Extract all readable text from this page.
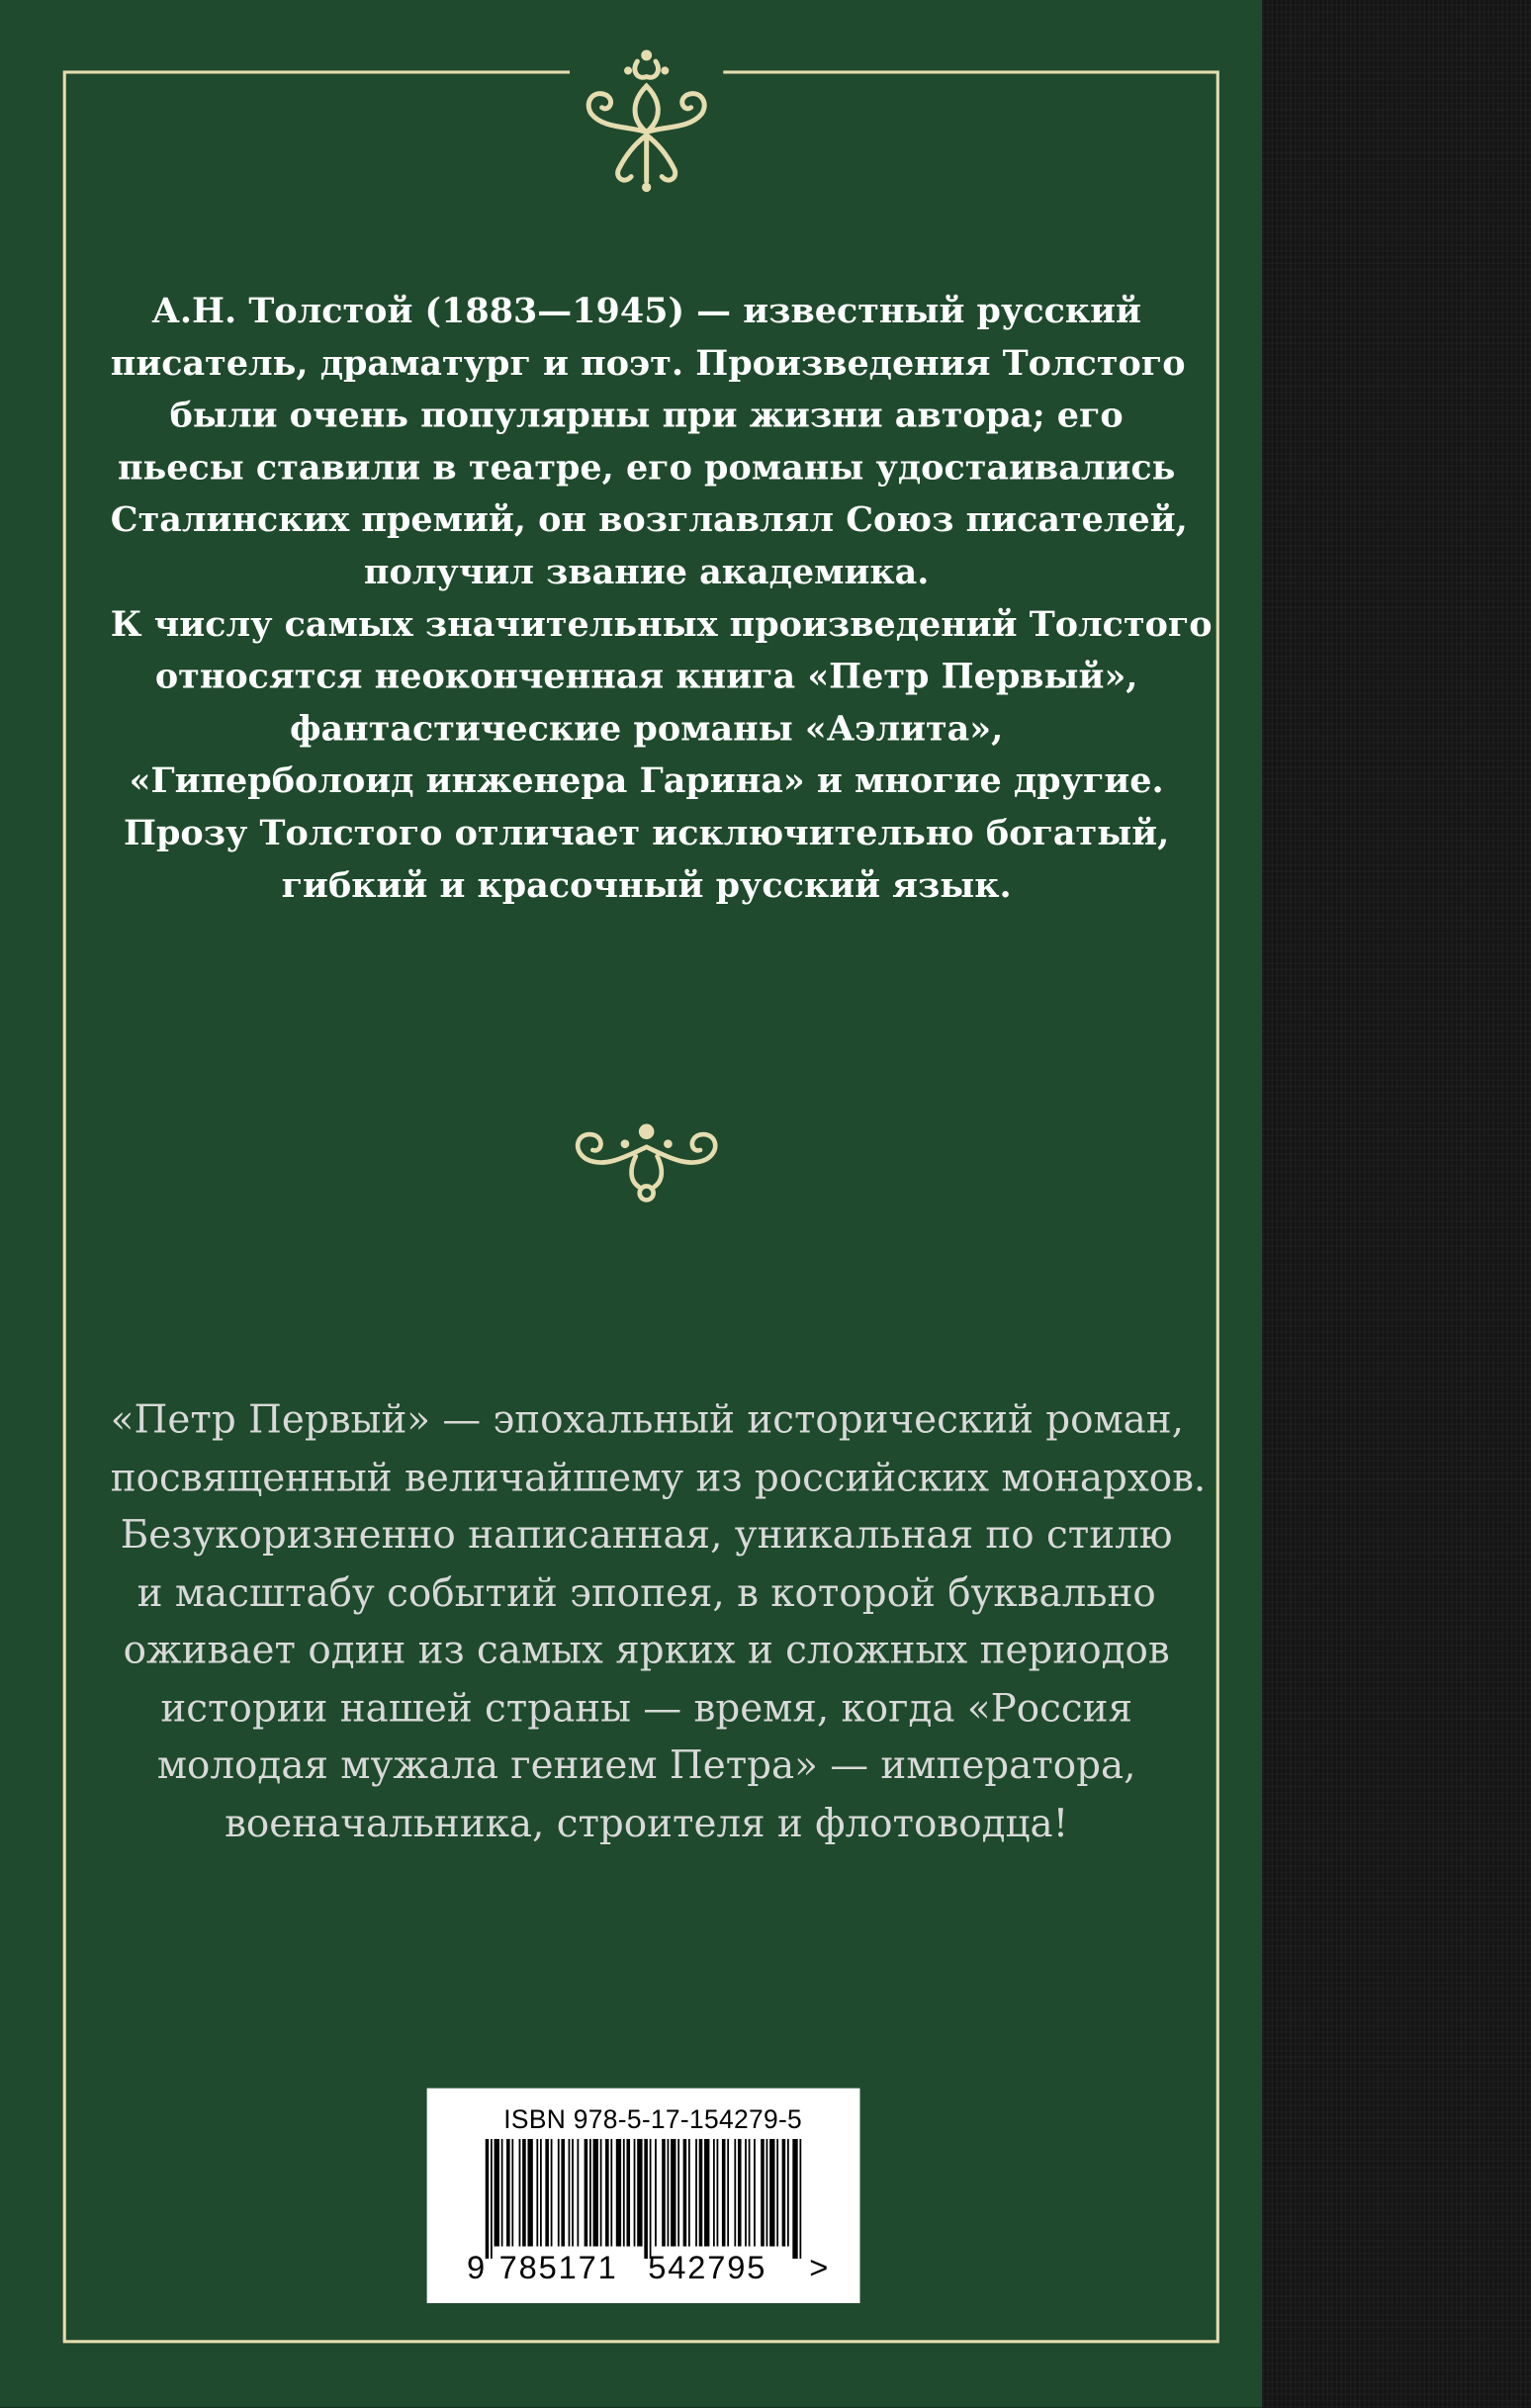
А.Н. Толстой (1883—1945) — известный русский
писатель, драматург и поэт. Произведения Толстого
были очень популярны при жизни автора; его
пьесы ставили в театре, его романы удостаивались
Сталинских премий, он возглавлял Союз писателей,
получил звание академика.
К числу самых значительных произведений Толстого
относятся неоконченная книга «Петр Первый»,
фантастические романы «Аэлита»,
«Гиперболоид инженера Гарина» и многие другие.
Прозу Толстого отличает исключительно богатый,
гибкий и красочный русский язык.

«Петр Первый» — эпохальный исторический роман,
посвященный величайшему из российских монархов.
Безукоризненно написанная, уникальная по стилю
и масштабу событий эпопея, в которой буквально
оживает один из самых ярких и сложных периодов
истории нашей страны — время, когда «Россия
молодая мужала гением Петра» — императора,
военачальника, строителя и флотоводца!

ISBN 978-5-17-154279-5
9 785171 542795 >
